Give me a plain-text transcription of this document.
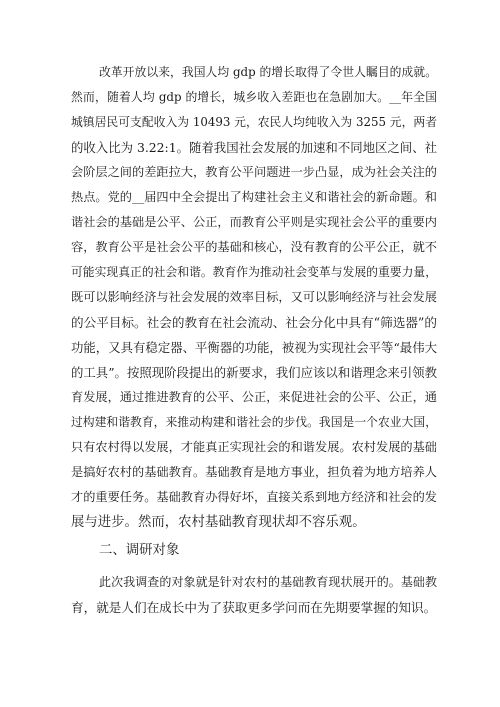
改革开放以来，我国人均 gdp 的增长取得了令世人瞩目的成就。
然而，随着人均 gdp 的增长，城乡收入差距也在急剧加大。__年全国
城镇居民可支配收入为 10493 元，农民人均纯收入为 3255 元，两者
的收入比为 3.22:1。随着我国社会发展的加速和不同地区之间、社
会阶层之间的差距拉大，教育公平问题进一步凸显，成为社会关注的
热点。党的__届四中全会提出了构建社会主义和谐社会的新命题。和
谐社会的基础是公平、公正，而教育公平则是实现社会公平的重要内
容，教育公平是社会公平的基础和核心，没有教育的公平公正，就不
可能实现真正的社会和谐。教育作为推动社会变革与发展的重要力量，
既可以影响经济与社会发展的效率目标，又可以影响经济与社会发展
的公平目标。社会的教育在社会流动、社会分化中具有“筛选器”的
功能，又具有稳定器、平衡器的功能，被视为实现社会平等“最伟大
的工具”。按照现阶段提出的新要求，我们应该以和谐理念来引领教
育发展，通过推进教育的公平、公正，来促进社会的公平、公正，通
过构建和谐教育，来推动构建和谐社会的步伐。我国是一个农业大国，
只有农村得以发展，才能真正实现社会的和谐发展。农村发展的基础
是搞好农村的基础教育。基础教育是地方事业，担负着为地方培养人
才的重要任务。基础教育办得好坏，直接关系到地方经济和社会的发
展与进步。然而，农村基础教育现状却不容乐观。
二、调研对象
此次我调查的对象就是针对农村的基础教育现状展开的。基础教
育，就是人们在成长中为了获取更多学问而在先期要掌握的知识。
